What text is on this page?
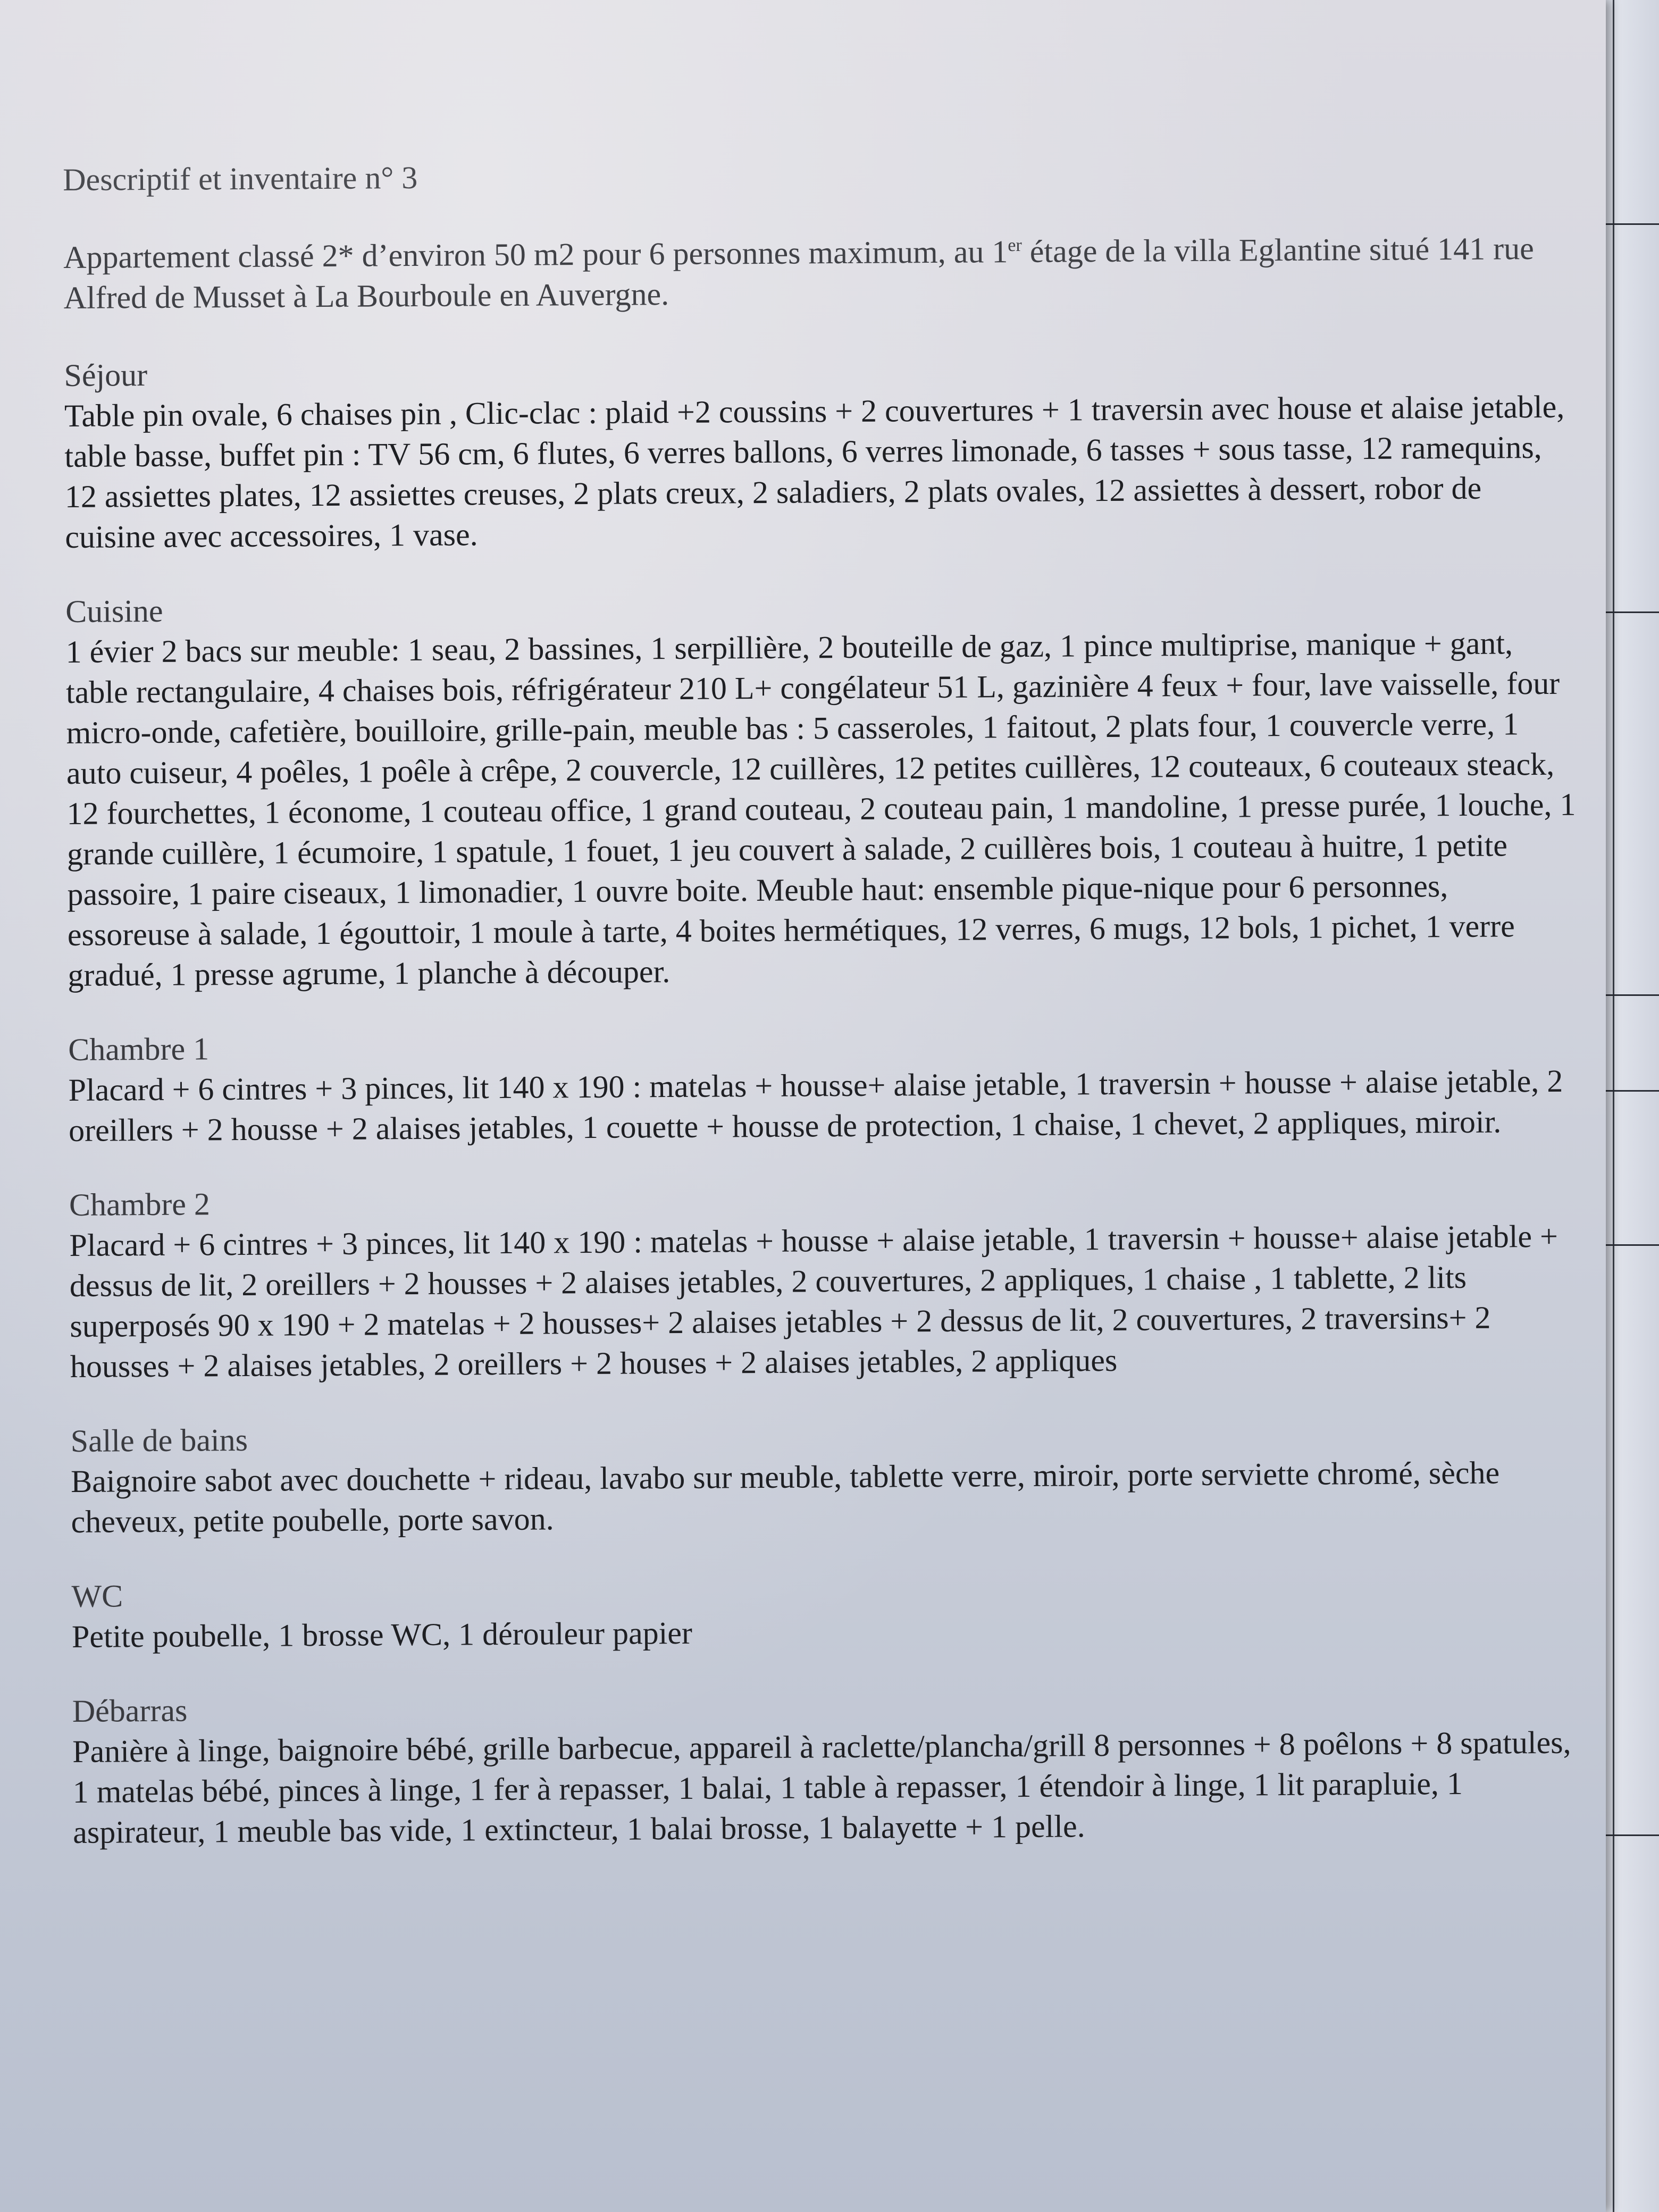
Descriptif et inventaire n° 3
Appartement classé 2* d’environ 50 m2 pour 6 personnes maximum, au 1er étage de la villa Eglantine situé 141 rue Alfred de Musset à La Bourboule en Auvergne.
Séjour
Table pin ovale, 6 chaises pin , Clic-clac : plaid +2 coussins + 2 couvertures + 1 traversin avec house et alaise jetable, table basse, buffet pin : TV 56 cm, 6 flutes, 6 verres ballons, 6 verres limonade, 6 tasses + sous tasse, 12 ramequins, 12 assiettes plates, 12 assiettes creuses, 2 plats creux, 2 saladiers, 2 plats ovales, 12 assiettes à dessert, robor de cuisine avec accessoires, 1 vase.
Cuisine
1 évier 2 bacs sur meuble: 1 seau, 2 bassines, 1 serpillière, 2 bouteille de gaz, 1 pince multiprise, manique + gant, table rectangulaire, 4 chaises bois, réfrigérateur 210 L+ congélateur 51 L, gazinière 4 feux + four, lave vaisselle, four micro-onde, cafetière, bouilloire, grille-pain, meuble bas : 5 casseroles, 1 faitout, 2 plats four, 1 couvercle verre, 1 auto cuiseur, 4 poêles, 1 poêle à crêpe, 2 couvercle, 12 cuillères, 12 petites cuillères, 12 couteaux, 6 couteaux steack, 12 fourchettes, 1 économe, 1 couteau office, 1 grand couteau, 2 couteau pain, 1 mandoline, 1 presse purée, 1 louche, 1 grande cuillère, 1 écumoire, 1 spatule, 1 fouet, 1 jeu couvert à salade, 2 cuillères bois, 1 couteau à huitre, 1 petite passoire, 1 paire ciseaux, 1 limonadier, 1 ouvre boite. Meuble haut: ensemble pique-nique pour 6 personnes, essoreuse à salade, 1 égouttoir, 1 moule à tarte, 4 boites hermétiques, 12 verres, 6 mugs, 12 bols, 1 pichet, 1 verre gradué, 1 presse agrume, 1 planche à découper.
Chambre 1
Placard + 6 cintres + 3 pinces, lit 140 x 190 : matelas + housse+ alaise jetable, 1 traversin + housse + alaise jetable, 2 oreillers + 2 housse + 2 alaises jetables, 1 couette + housse de protection, 1 chaise, 1 chevet, 2 appliques, miroir.
Chambre 2
Placard + 6 cintres + 3 pinces, lit 140 x 190 : matelas + housse + alaise jetable, 1 traversin + housse+ alaise jetable + dessus de lit, 2 oreillers + 2 housses + 2 alaises jetables, 2 couvertures, 2 appliques, 1 chaise , 1 tablette, 2 lits superposés 90 x 190 + 2 matelas + 2 housses+ 2 alaises jetables + 2 dessus de lit, 2 couvertures, 2 traversins+ 2 housses + 2 alaises jetables, 2 oreillers + 2 houses + 2 alaises jetables, 2 appliques
Salle de bains
Baignoire sabot avec douchette + rideau, lavabo sur meuble, tablette verre, miroir, porte serviette chromé, sèche cheveux, petite poubelle, porte savon.
WC
Petite poubelle, 1 brosse WC, 1 dérouleur papier
Débarras
Panière à linge, baignoire bébé, grille barbecue, appareil à raclette/plancha/grill 8 personnes + 8 poêlons + 8 spatules, 1 matelas bébé, pinces à linge, 1 fer à repasser, 1 balai, 1 table à repasser, 1 étendoir à linge, 1 lit parapluie, 1 aspirateur, 1 meuble bas vide, 1 extincteur, 1 balai brosse, 1 balayette + 1 pelle.
